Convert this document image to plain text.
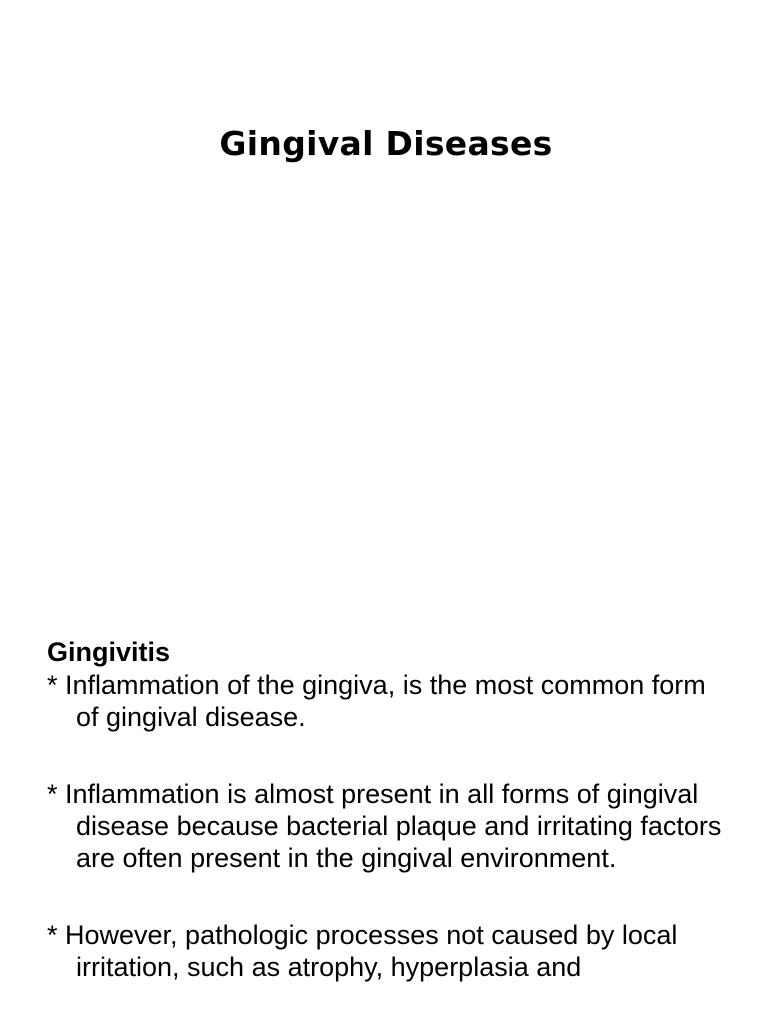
Gingival Diseases
Gingivitis

* Inflammation of the gingiva, is the most common form of gingival disease.

* Inflammation is almost present in all forms of gingival disease because bacterial plaque and irritating factors are often present in the gingival environment.

* However, pathologic processes not caused by local irritation, such as atrophy, hyperplasia and
